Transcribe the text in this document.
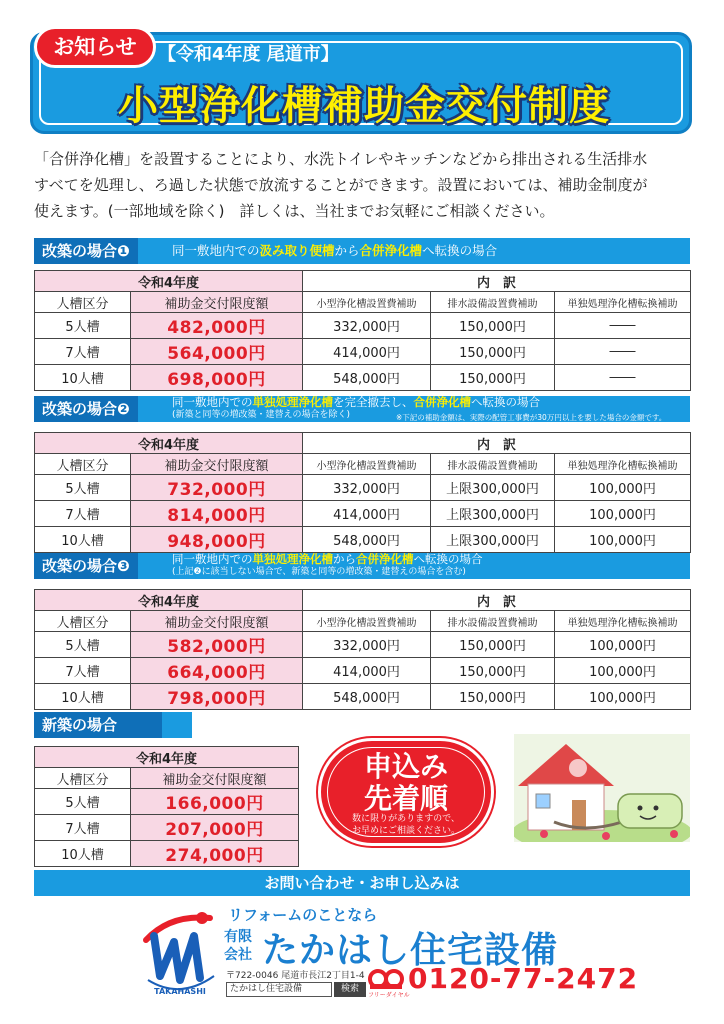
お知らせ	【令和4年度 尾道市】
小型浄化槽補助金交付制度
「合併浄化槽」を設置することにより、水洗トイレやキッチンなどから排出される生活排水
すべてを処理し、ろ過した状態で放流することができます。設置においては、補助金制度が
使えます。(一部地域を除く)　詳しくは、当社までお気軽にご相談ください。
改築の場合❶	同一敷地内での汲み取り便槽から合併浄化槽へ転換の場合
令和4年度		内　訳		
人槽区分	補助金交付限度額	小型浄化槽設置費補助	排水設備設置費補助	単独処理浄化槽転換補助
5人槽	482,000円	332,000円	150,000円	――
7人槽	564,000円	414,000円	150,000円	――
10人槽	698,000円	548,000円	150,000円	――
改築の場合❷	同一敷地内での単独処理浄化槽を完全撤去し、合併浄化槽へ転換の場合
(新築と同等の増改築・建替えの場合を除く)	※下記の補助金額は、実際の配管工事費が30万円以上を要した場合の金額です。
令和4年度		内　訳		
人槽区分	補助金交付限度額	小型浄化槽設置費補助	排水設備設置費補助	単独処理浄化槽転換補助
5人槽	732,000円	332,000円	上限300,000円	100,000円
7人槽	814,000円	414,000円	上限300,000円	100,000円
10人槽	948,000円	548,000円	上限300,000円	100,000円
改築の場合❸	同一敷地内での単独処理浄化槽から合併浄化槽へ転換の場合
(上記❷に該当しない場合で、新築と同等の増改築・建替えの場合を含む)
令和4年度		内　訳		
人槽区分	補助金交付限度額	小型浄化槽設置費補助	排水設備設置費補助	単独処理浄化槽転換補助
5人槽	582,000円	332,000円	150,000円	100,000円
7人槽	664,000円	414,000円	150,000円	100,000円
10人槽	798,000円	548,000円	150,000円	100,000円
新築の場合
令和4年度	
人槽区分	補助金交付限度額
5人槽	166,000円
7人槽	207,000円
10人槽	274,000円
申込み
先着順
数に限りがありますので、
お早めにご相談ください。
お問い合わせ・お申し込みは
TAKAHASHI
リフォームのことなら
有限
会社 たかはし住宅設備
〒722-0046 尾道市長江2丁目1-4
たかはし住宅設備	検索
フリーダイヤル
0120-77-2472
